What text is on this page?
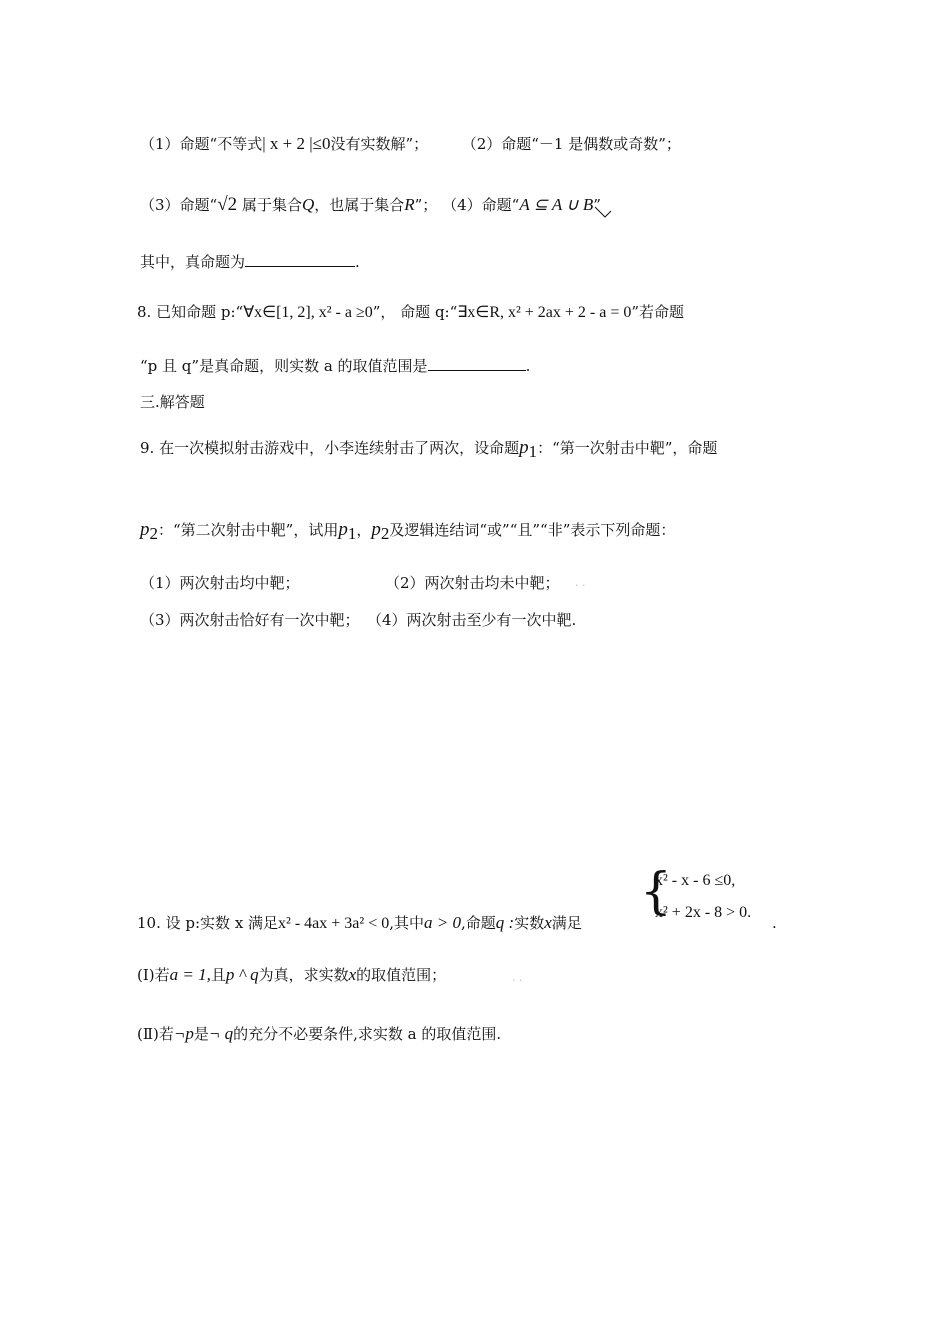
（1）命题“不等式| x + 2 |≤0没有实数解”； （2）命题“－1 是偶数或奇数”；
（3）命题“√2 属于集合Q，也属于集合R”； （4）命题“A ⊆ A ∪ B”
其中，真命题为	.
8. 已知命题 p:“∀x∈[1, 2], x² - a ≥0”， 命题 q:“∃x∈R, x² + 2ax + 2 - a = 0”若命题
“p 且 q”是真命题，则实数 a 的取值范围是	.
三.解答题
9. 在一次模拟射击游戏中，小李连续射击了两次，设命题$p_1$：“第一次射击中靶”，命题
$p_2$：“第二次射击中靶”，试用$p_1$，$p_2$及逻辑连结词“或”“且”“非”表示下列命题：
（1）两次射击均中靶；	（2）两次射击均未中靶； . .
（3）两次射击恰好有一次中靶； （4）两次射击至少有一次中靶.
{
x² - x - 6 ≤0,
x² + 2x - 8 > 0.
10. 设 p:实数 x 满足x² - 4ax + 3a² < 0,其中a > 0,命题q :实数x满足	.
(Ⅰ)若a = 1,且p ^ q为真，求实数x的取值范围；	. .
(Ⅱ)若¬p是¬ q的充分不必要条件,求实数 a 的取值范围.
